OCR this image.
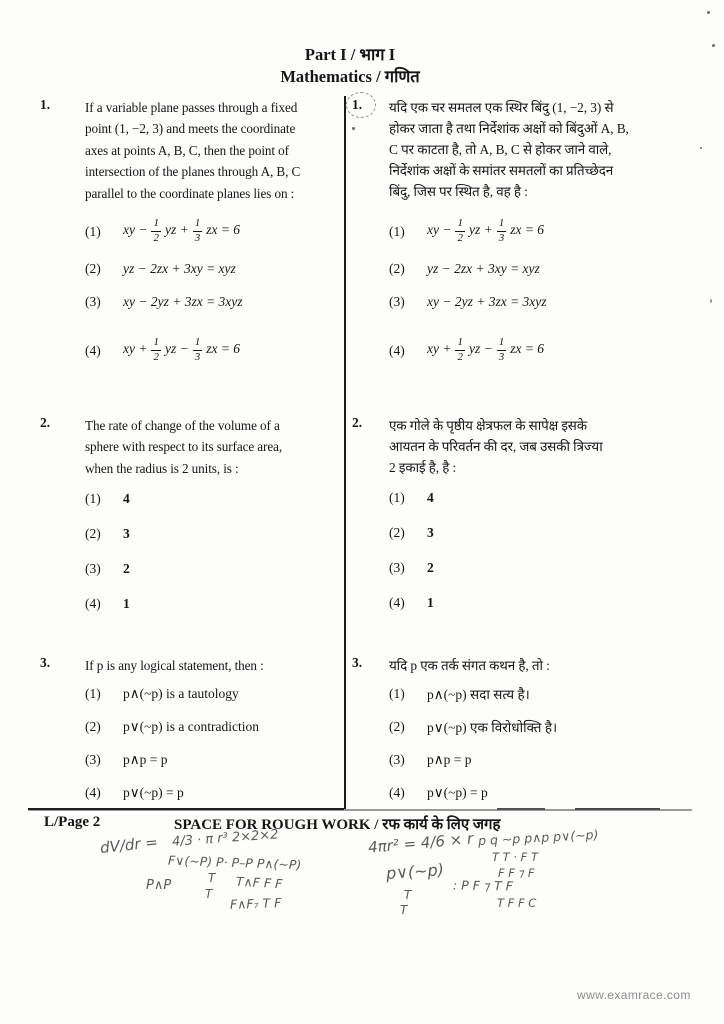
Part I / भाग I
Mathematics / गणित
1.	If a variable plane passes through a fixed
point (1, −2, 3) and meets the coordinate
axes at points A, B, C, then the point of
intersection of the planes through A, B, C
parallel to the coordinate planes lies on :
(1)	xy − $\frac{1}{2}$ yz + $\frac{1}{3}$ zx = 6
(2)	yz − 2zx + 3xy = xyz
(3)	xy − 2yz + 3zx = 3xyz
(4)	xy + $\frac{1}{2}$ yz − $\frac{1}{3}$ zx = 6
2.	The rate of change of the volume of a
sphere with respect to its surface area,
when the radius is 2 units, is :
(1)	4
(2)	3
(3)	2
(4)	1
3.	If p is any logical statement, then :
(1)	p∧(~p) is a tautology
(2)	p∨(~p) is a contradiction
(3)	p∧p = p
(4)	p∨(~p) = p
1. यदि एक चर समतल एक स्थिर बिंदु (1, −2, 3) से
होकर जाता है तथा निर्देशांक अक्षों को बिंदुओं A, B,
C पर काटता है, तो A, B, C से होकर जाने वाले,
निर्देशांक अक्षों के समांतर समतलों का प्रतिच्छेदन
बिंदु, जिस पर स्थित है, वह है :
(1)	xy − $\frac{1}{2}$ yz + $\frac{1}{3}$ zx = 6
(2)	yz − 2zx + 3xy = xyz
(3)	xy − 2yz + 3zx = 3xyz
(4)	xy + $\frac{1}{2}$ yz − $\frac{1}{3}$ zx = 6
2. एक गोले के पृष्ठीय क्षेत्रफल के सापेक्ष इसके
आयतन के परिवर्तन की दर, जब उसकी त्रिज्या
2 इकाई है, है :
(1)	4
(2)	3
(3)	2
(4)	1
3. यदि p एक तर्क संगत कथन है, तो :
(1)	p∧(~p) सदा सत्य है।
(2)	p∨(~p) एक विरोधोक्ति है।
(3)	p∧p = p
(4)	p∨(~p) = p
L/Page 2	SPACE FOR ROUGH WORK / रफ कार्य के लिए जगह
dV/dr = 4/3 · π r³ 2×2×2
F∨(~P) P· P–P P∧(~P)
P∧P	T
T
T∧F F F
F∧F₇ T F
4πr² = 4/6 × r p q ~p p∧p p∨(~p)
T T · F T
F F ⁊ F
p∨(~p)
T
T
: P F ⁊ T F
T F F C
www.examrace.com
